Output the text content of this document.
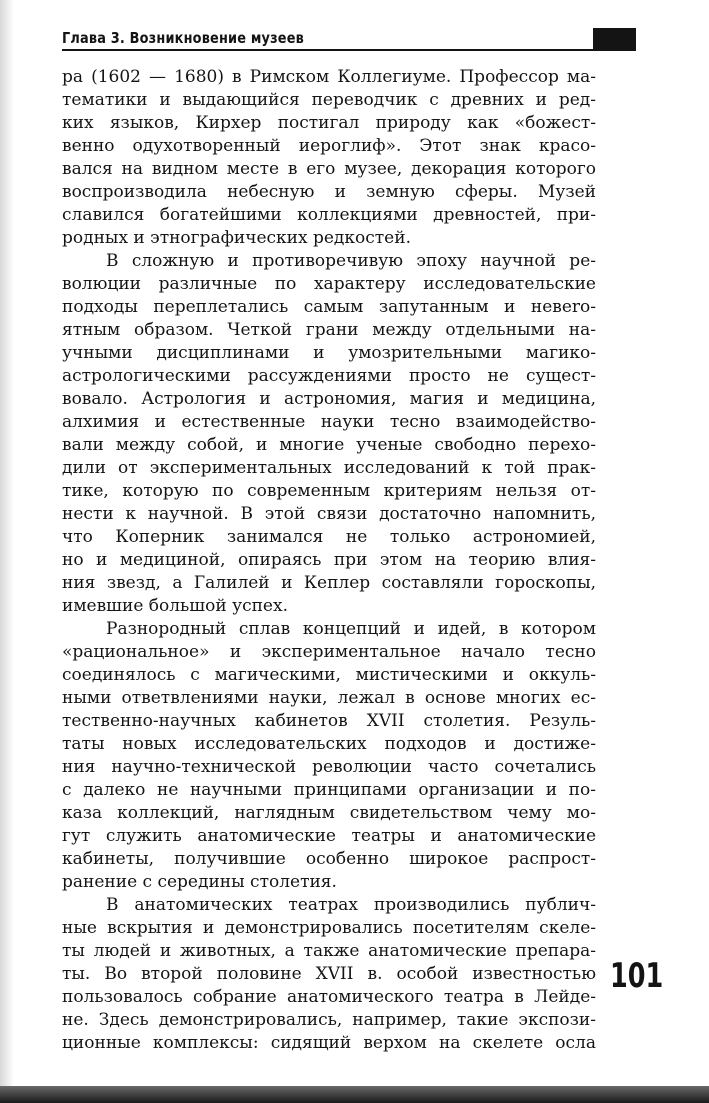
Глава 3. Возникновение музеев
ра (1602 — 1680) в Римском Коллегиуме. Профессор ма-
тематики и выдающийся переводчик с древних и ред-
ких языков, Кирхер постигал природу как «божест-
венно одухотворенный иероглиф». Этот знак красо-
вался на видном месте в его музее, декорация которого
воспроизводила небесную и земную сферы. Музей
славился богатейшими коллекциями древностей, при-
родных и этнографических редкостей.
В сложную и противоречивую эпоху научной ре-
волюции различные по характеру исследовательские
подходы переплетались самым запутанным и невero-
ятным образом. Четкой грани между отдельными на-
учными дисциплинами и умозрительными магико-
астрологическими рассуждениями просто не сущест-
вовало. Астрология и астрономия, магия и медицина,
алхимия и естественные науки тесно взаимодейство-
вали между собой, и многие ученые свободно перехо-
дили от экспериментальных исследований к той прак-
тике, которую по современным критериям нельзя от-
нести к научной. В этой связи достаточно напомнить,
что Коперник занимался не только астрономией,
но и медициной, опираясь при этом на теорию влия-
ния звезд, а Галилей и Кеплер составляли гороскопы,
имевшие большой успех.
Разнородный сплав концепций и идей, в котором
«рациональное» и экспериментальное начало тесно
соединялось с магическими, мистическими и оккуль-
ными ответвлениями науки, лежал в основе многих ес-
тественно-научных кабинетов XVII столетия. Резуль-
таты новых исследовательских подходов и достиже-
ния научно-технической революции часто сочетались
с далеко не научными принципами организации и по-
каза коллекций, наглядным свидетельством чему мо-
гут служить анатомические театры и анатомические
кабинеты, получившие особенно широкое распрост-
ранение с середины столетия.
В анатомических театрах производились публич-
ные вскрытия и демонстрировались посетителям скеле-
ты людей и животных, а также анатомические препара-
ты. Во второй половине XVII в. особой известностью
пользовалось собрание анатомического театра в Лейде-
не. Здесь демонстрировались, например, такие экспози-
ционные комплексы: сидящий верхом на скелете осла
101
